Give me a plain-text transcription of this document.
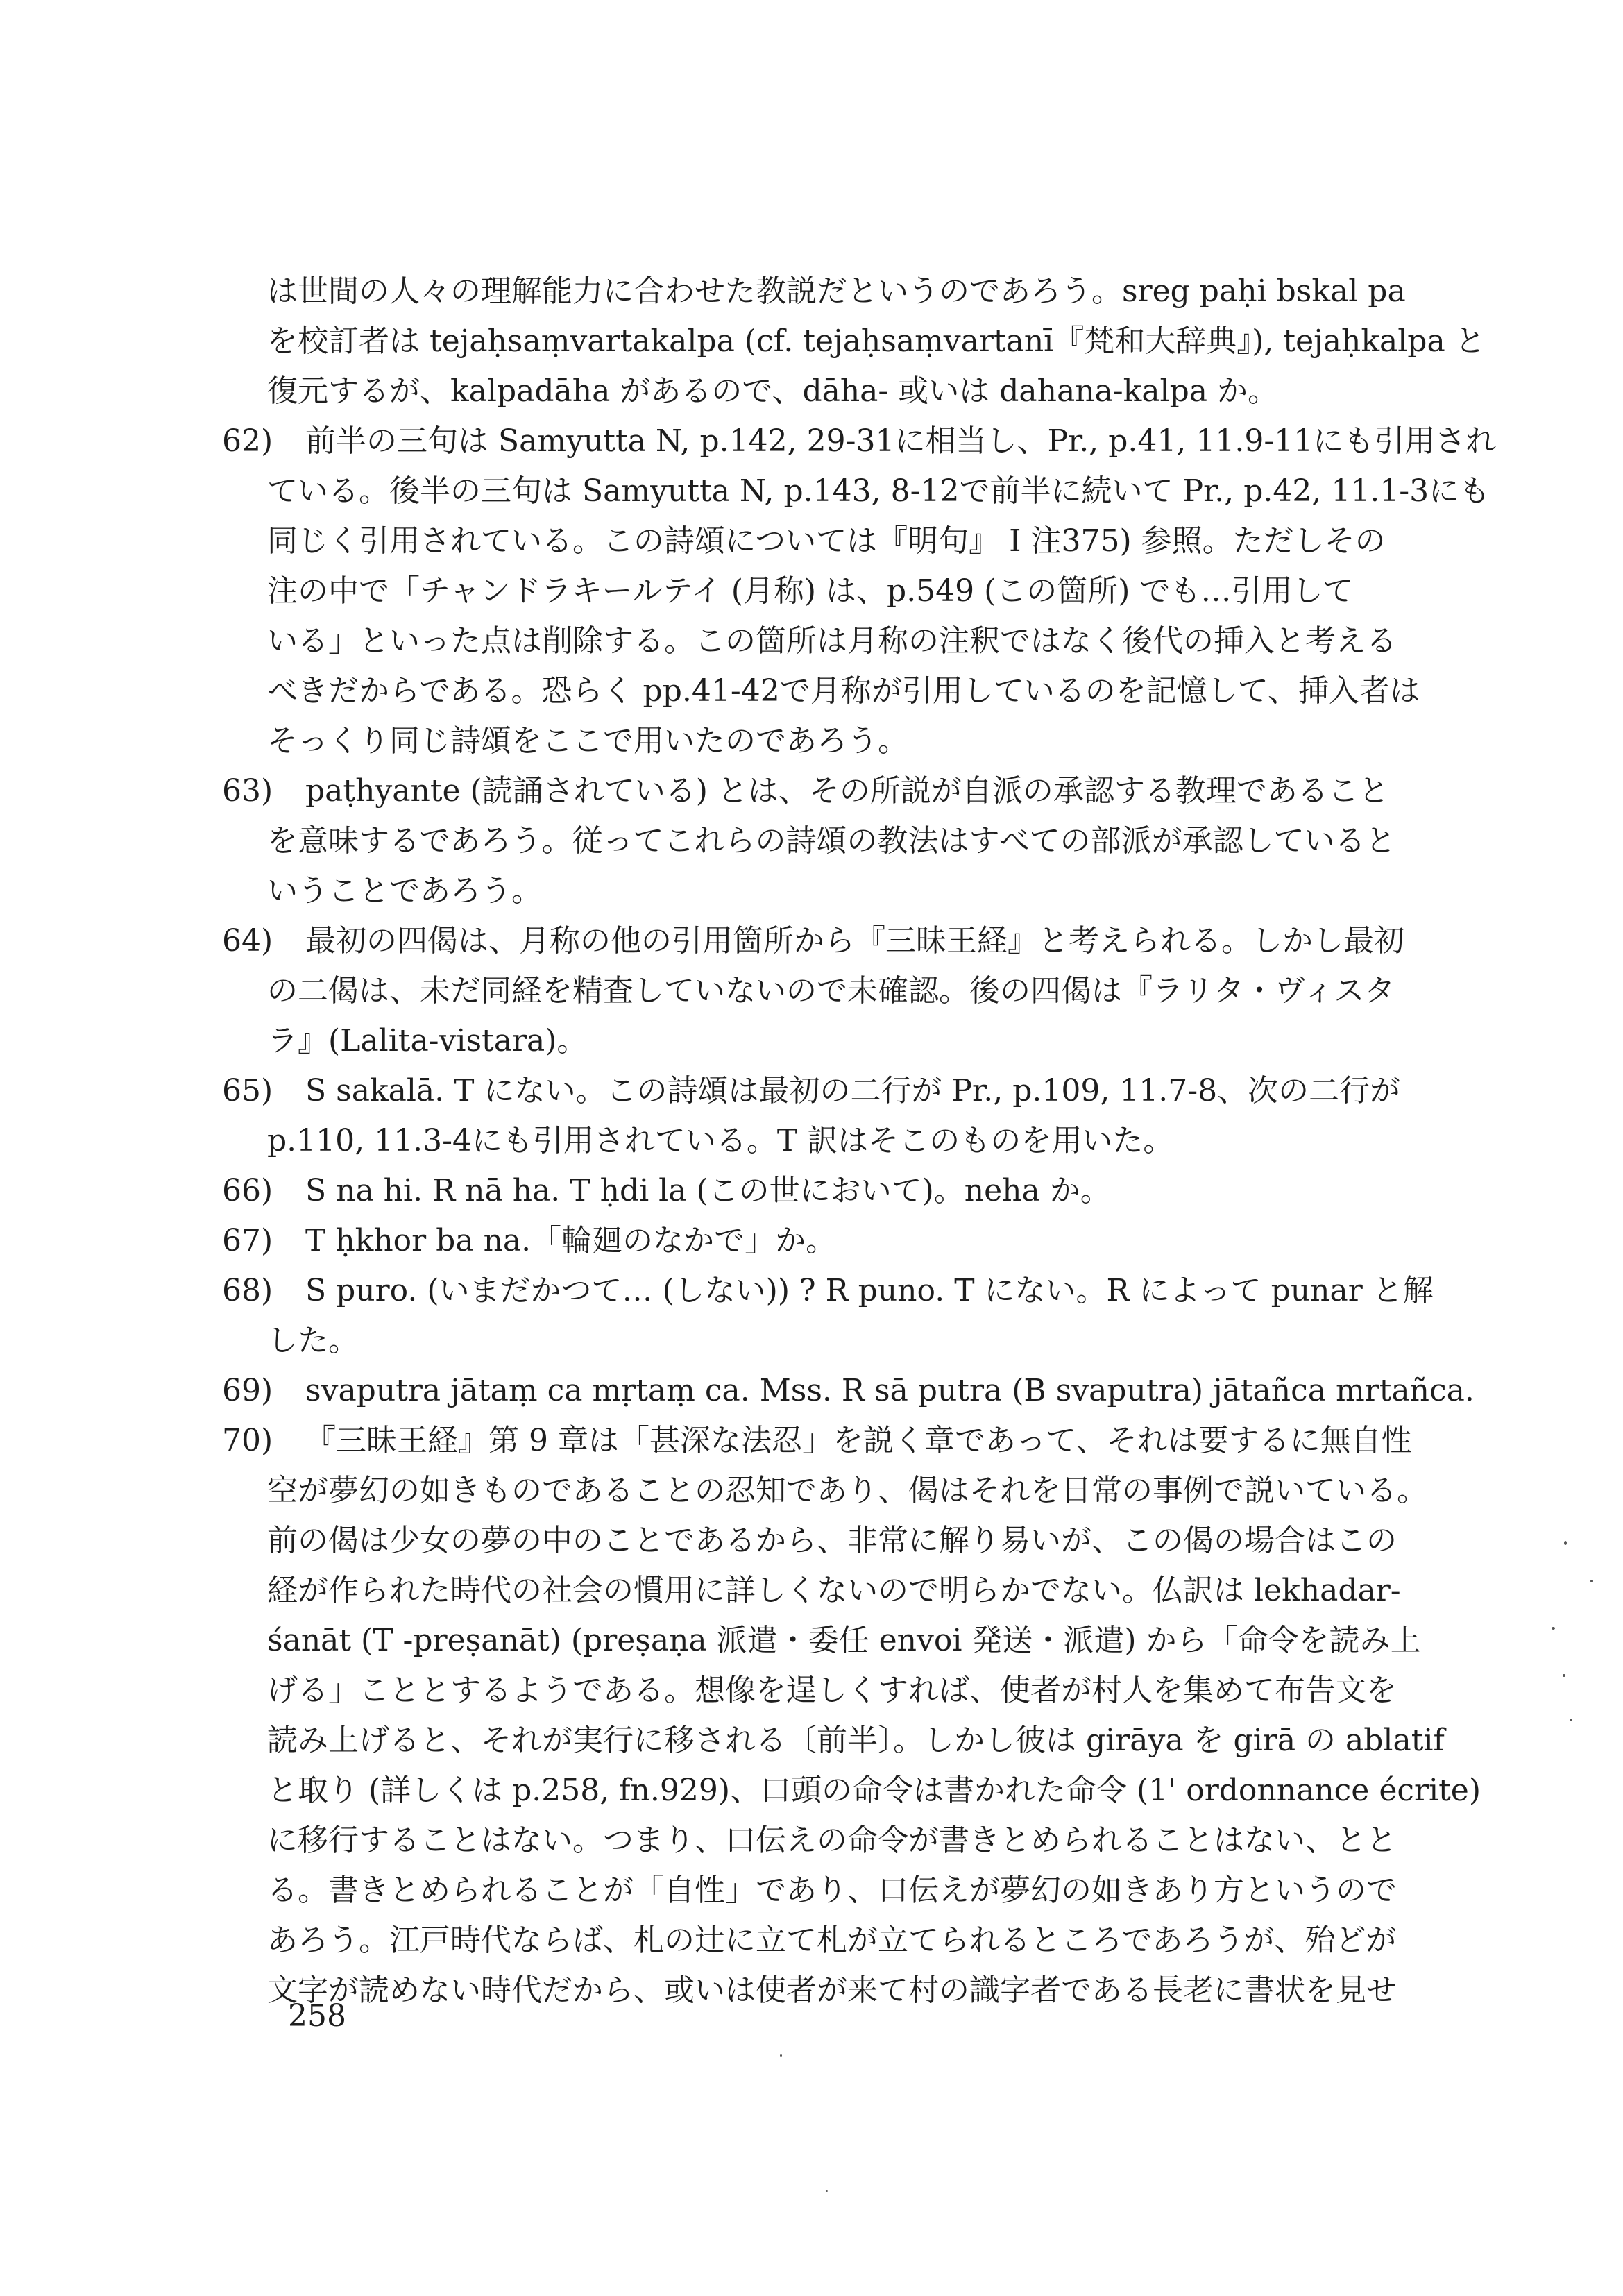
は世間の人々の理解能力に合わせた教説だというのであろう。sreg paḥi bskal pa
を校訂者は tejaḥsaṃvartakalpa (cf. tejaḥsaṃvartanī『梵和大辞典』), tejaḥkalpa と
復元するが、kalpadāha があるので、dāha- 或いは dahana-kalpa か。
62) 前半の三句は Samyutta N, p.142, 29-31に相当し、Pr., p.41, 11.9-11にも引用され
ている。後半の三句は Samyutta N, p.143, 8-12で前半に続いて Pr., p.42, 11.1-3にも
同じく引用されている。この詩頌については『明句』 I 注375) 参照。ただしその
注の中で「チャンドラキールテイ (月称) は、p.549 (この箇所) でも…引用して
いる」といった点は削除する。この箇所は月称の注釈ではなく後代の挿入と考える
べきだからである。恐らく pp.41-42で月称が引用しているのを記憶して、挿入者は
そっくり同じ詩頌をここで用いたのであろう。
63) paṭhyante (読誦されている) とは、その所説が自派の承認する教理であること
を意味するであろう。従ってこれらの詩頌の教法はすべての部派が承認していると
いうことであろう。
64) 最初の四偈は、月称の他の引用箇所から『三昧王経』と考えられる。しかし最初
の二偈は、未だ同経を精査していないので未確認。後の四偈は『ラリタ・ヴィスタ
ラ』(Lalita-vistara)。
65) S sakalā. T にない。この詩頌は最初の二行が Pr., p.109, 11.7-8、次の二行が
p.110, 11.3-4にも引用されている。T 訳はそこのものを用いた。
66) S na hi. R nā ha. T ḥdi la (この世において)。neha か。
67) T ḥkhor ba na.「輪廻のなかで」か。
68) S puro. (いまだかつて… (しない)) ? R puno. T にない。R によって punar と解
した。
69) svaputra jātaṃ ca mṛtaṃ ca. Mss. R sā putra (B svaputra) jātañca mrtañca.
70) 『三昧王経』第 9 章は「甚深な法忍」を説く章であって、それは要するに無自性
空が夢幻の如きものであることの忍知であり、偈はそれを日常の事例で説いている。
前の偈は少女の夢の中のことであるから、非常に解り易いが、この偈の場合はこの
経が作られた時代の社会の慣用に詳しくないので明らかでない。仏訳は lekhadar-
śanāt (T -preṣanāt) (preṣaṇa 派遣・委任 envoi 発送・派遣) から「命令を読み上
げる」こととするようである。想像を逞しくすれば、使者が村人を集めて布告文を
読み上げると、それが実行に移される〔前半〕。しかし彼は girāya を girā の ablatif
と取り (詳しくは p.258, fn.929)、口頭の命令は書かれた命令 (1' ordonnance écrite)
に移行することはない。つまり、口伝えの命令が書きとめられることはない、とと
る。書きとめられることが「自性」であり、口伝えが夢幻の如きあり方というので
あろう。江戸時代ならば、札の辻に立て札が立てられるところであろうが、殆どが
文字が読めない時代だから、或いは使者が来て村の識字者である長老に書状を見せ
258
